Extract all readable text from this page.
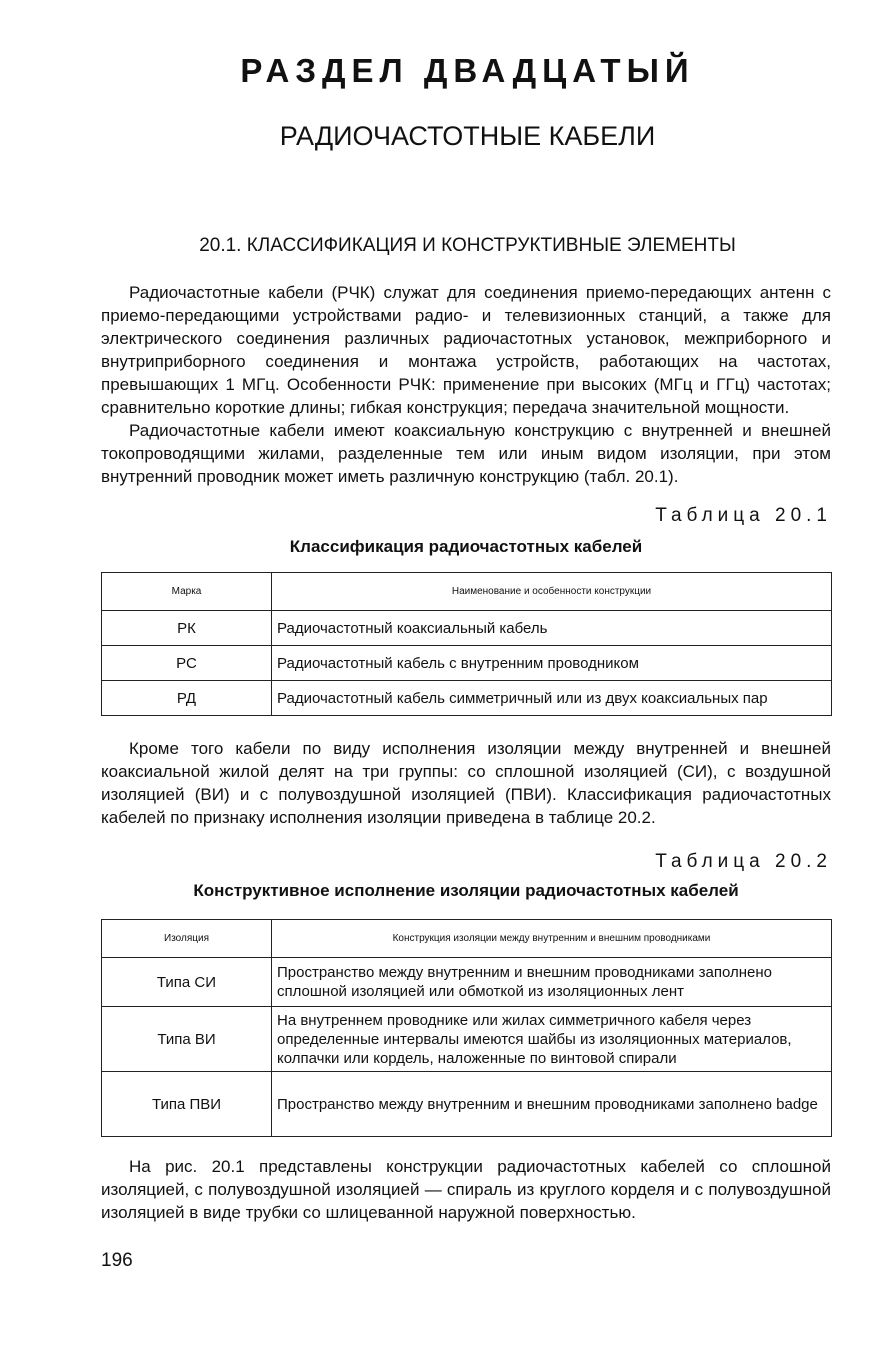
РАЗДЕЛ ДВАДЦАТЫЙ
РАДИОЧАСТОТНЫЕ КАБЕЛИ
20.1. КЛАССИФИКАЦИЯ И КОНСТРУКТИВНЫЕ ЭЛЕМЕНТЫ

Радиочастотные кабели (РЧК) служат для соединения приемо-передающих антенн с приемо-передающими устройствами радио- и телевизионных станций, а также для электрического соединения различных радиочастотных установок, межприборного и внутриприборного соединения и монтажа устройств, работающих на частотах, превышающих 1 МГц. Особенности РЧК: применение при высоких (МГц и ГГц) частотах; сравнительно короткие длины; гибкая конструкция; передача значительной мощности.

Радиочастотные кабели имеют коаксиальную конструкцию с внутренней и внешней токопроводящими жилами, разделенные тем или иным видом изоляции, при этом внутренний проводник может иметь различную конструкцию (табл. 20.1).

Таблица 20.1

Классификация радиочастотных кабелей

Марка	Наименование и особенности конструкции
РК	Радиочастотный коаксиальный кабель
РС	Радиочастотный кабель с внутренним проводником
РД	Радиочастотный кабель симметричный или из двух коаксиальных пар

Кроме того кабели по виду исполнения изоляции между внутренней и внешней коаксиальной жилой делят на три группы: со сплошной изоляцией (СИ), с воздушной изоляцией (ВИ) и с полувоздушной изоляцией (ПВИ). Классификация радиочастотных кабелей по признаку исполнения изоляции приведена в таблице 20.2.

Таблица 20.2

Конструктивное исполнение изоляции радиочастотных кабелей

Изоляция	Конструкция изоляции между внутренним и внешним проводниками
Типа СИ	Пространство между внутренним и внешним проводниками заполнено сплошной изоляцией или обмоткой из изоляционных лент
Типа ВИ	На внутреннем проводнике или жилах симметричного кабеля через определенные интервалы имеются шайбы из изоляционных материалов, колпачки или кордель, наложенные по винтовой спирали
Типа ПВИ	Пространство между внутренним и внешним проводниками заполнено badge

На рис. 20.1 представлены конструкции радиочастотных кабелей со сплошной изоляцией, с полувоздушной изоляцией — спираль из круглого корделя и с полувоздушной изоляцией в виде трубки со шлицеванной наружной поверхностью.

196
